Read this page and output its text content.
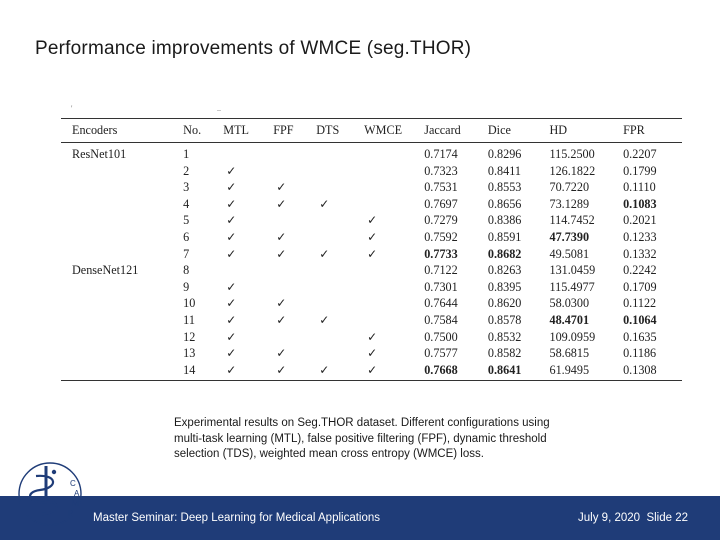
Performance improvements of WMCE (seg.THOR)
'	..
Encoders	No.	MTL	FPF	DTS	WMCE	Jaccard	Dice	HD	FPR
ResNet101	1					0.7174	0.8296	115.2500	0.2207
	2	✓				0.7323	0.8411	126.1822	0.1799
	3	✓	✓			0.7531	0.8553	70.7220	0.1110
	4	✓	✓	✓		0.7697	0.8656	73.1289	0.1083
	5	✓			✓	0.7279	0.8386	114.7452	0.2021
	6	✓	✓		✓	0.7592	0.8591	47.7390	0.1233
	7	✓	✓	✓	✓	0.7733	0.8682	49.5081	0.1332
DenseNet121	8					0.7122	0.8263	131.0459	0.2242
	9	✓				0.7301	0.8395	115.4977	0.1709
	10	✓	✓			0.7644	0.8620	58.0300	0.1122
	11	✓	✓	✓		0.7584	0.8578	48.4701	0.1064
	12	✓			✓	0.7500	0.8532	109.0959	0.1635
	13	✓	✓		✓	0.7577	0.8582	58.6815	0.1186
	14	✓	✓	✓	✓	0.7668	0.8641	61.9495	0.1308
Experimental results on Seg.THOR dataset. Different configurations using multi-task learning (MTL), false positive filtering (FPF), dynamic threshold selection (TDS), weighted mean cross entropy (WMCE) loss.
Master Seminar: Deep Learning for Medical Applications	July 9, 2020 Slide 22
C
A
M
P
